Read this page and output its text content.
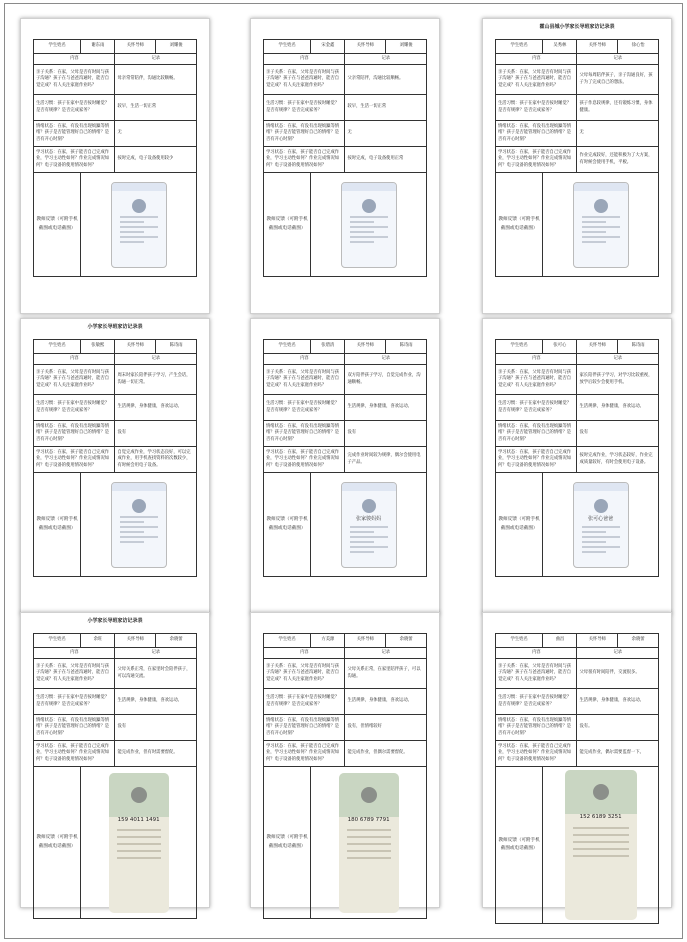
学生姓名	谢东雨	关怀导师	刘耀俊
内容		记录	
亲子关系：在家，父母是否有时间与孩子沟通？孩子在与爸爸沟通时，能否自觉完成？有人关注家庭作业吗？		母亲常常陪伴，沟通比较顺畅。	
生活习惯：孩子在家中是否按时睡觉？是否有规律？是否完成家务？		较早，生活一切正常	
情绪状态：在家，有没有出现烦躁等情绪？孩子是否能管理好自己的情绪？是否有开心时刻？		无	
学习状态：在家，孩子能否自己完成作业，学习主动性如何？作业完成情况如何？电子设备的使用情况如何？		按时完成，电子设备使用较少	
教师反馈（可附手机截图或电话截图）			
学生姓名	宋金鑫	关怀导师	刘耀俊
内容		记录	
亲子关系：在家，父母是否有时间与孩子沟通？孩子在与爸爸沟通时，能否自觉完成？有人关注家庭作业吗？		父亲常陪伴，沟通比较顺畅。	
生活习惯：孩子在家中是否按时睡觉？是否有规律？是否完成家务？		较早，生活一切正常	
情绪状态：在家，有没有出现烦躁等情绪？孩子是否能管理好自己的情绪？是否有开心时刻？		无	
学习状态：在家，孩子能否自己完成作业，学习主动性如何？作业完成情况如何？电子设备的使用情况如何？		按时完成，电子设备使用正常	
教师反馈（可附手机截图或电话截图）			
霍山县城小学家长导班家访记录表
学生姓名	吴秀林	关怀导师	徐心怡
内容		记录	
亲子关系：在家，父母是否有时间与孩子沟通？孩子在与爸爸沟通时，能否自觉完成？有人关注家庭作业吗？		父母每周陪伴孩子，亲子沟通良好，孩子为了完成自己的想法。	
生活习惯：孩子在家中是否按时睡觉？是否有规律？是否完成家务？		孩子作息较规律，还有锻炼习惯，身体健康。	
情绪状态：在家，有没有出现烦躁等情绪？孩子是否能管理好自己的情绪？是否有开心时刻？		无	
学习状态：在家，孩子能否自己完成作业，学习主动性如何？作业完成情况如何？电子设备的使用情况如何？		作业完成较好，还能积极为了大方案，有时候会使用手机，平板。	
教师反馈（可附手机截图或电话截图）			
小学家长导班家访记录表
学生姓名	张敏熙	关怀导师	陈诗雨
内容		记录	
亲子关系：在家，父母是否有时间与孩子沟通？孩子在与爸爸沟通时，能否自觉完成？有人关注家庭作业吗？		周末时家长陪伴孩子学习，产生会话，沟通一切正常。	
生活习惯：孩子在家中是否按时睡觉？是否有规律？是否完成家务？		生活规律，身体健康，喜欢运动。	
情绪状态：在家，有没有出现烦躁等情绪？孩子是否能管理好自己的情绪？是否有开心时刻？		没有	
学习状态：在家，孩子能否自己完成作业，学习主动性如何？作业完成情况如何？电子设备的使用情况如何？		自觉完成作业，学习状态良好，可以完成作业，用手机查找资料的次数较少，有时候会用电子设备。	
教师反馈（可附手机截图或电话截图）			
学生姓名	张碧清	关怀导师	陈诗雨
内容		记录	
亲子关系：在家，父母是否有时间与孩子沟通？孩子在与爸爸沟通时，能否自觉完成？有人关注家庭作业吗？		双方陪伴孩子学习，自觉完成作业，沟通顺畅。	
生活习惯：孩子在家中是否按时睡觉？是否有规律？是否完成家务？		生活规律，身体健康，喜欢运动。	
情绪状态：在家，有没有出现烦躁等情绪？孩子是否能管理好自己的情绪？是否有开心时刻？		没有	
学习状态：在家，孩子能否自己完成作业，学习主动性如何？作业完成情况如何？电子设备的使用情况如何？		完成作业时间较为规律，偶尔会使用电子产品。	
教师反馈（可附手机截图或电话截图）	张家骏妈妈		
学生姓名	张可心	关怀导师	陈诗雨
内容		记录	
亲子关系：在家，父母是否有时间与孩子沟通？孩子在与爸爸沟通时，能否自觉完成？有人关注家庭作业吗？		家长陪伴孩子学习，对学习比较重视，放学后较少会使用手机。	
生活习惯：孩子在家中是否按时睡觉？是否有规律？是否完成家务？		生活规律，身体健康，喜欢运动。	
情绪状态：在家，有没有出现烦躁等情绪？孩子是否能管理好自己的情绪？是否有开心时刻？		没有	
学习状态：在家，孩子能否自己完成作业，学习主动性如何？作业完成情况如何？电子设备的使用情况如何？		按时完成作业，学习状态较好，作业完成质量较好，有时会使用电子设备。	
教师反馈（可附手机截图或电话截图）	张可心爸爸		
小学家长导班家访记录表
学生姓名	余旺	关怀导师	余晓蕾
内容		记录	
亲子关系：在家，父母是否有时间与孩子沟通？孩子在与爸爸沟通时，能否自觉完成？有人关注家庭作业吗？		父母关系正常，在家里时会陪伴孩子，可以沟通交流。	
生活习惯：孩子在家中是否按时睡觉？是否有规律？是否完成家务？		生活规律，身体健康，喜欢运动。	
情绪状态：在家，有没有出现烦躁等情绪？孩子是否能管理好自己的情绪？是否有开心时刻？		没有	
学习状态：在家，孩子能否自己完成作业，学习主动性如何？作业完成情况如何？电子设备的使用情况如何？		能完成作业，但有时需要督促。	
教师反馈（可附手机截图或电话截图）	159 4011 1491		
学生姓名	方美源	关怀导师	余晓蕾
内容		记录	
亲子关系：在家，父母是否有时间与孩子沟通？孩子在与爸爸沟通时，能否自觉完成？有人关注家庭作业吗？		父母关系正常，在家里陪伴孩子，可以沟通。	
生活习惯：孩子在家中是否按时睡觉？是否有规律？是否完成家务？		生活规律，身体健康，喜欢运动。	
情绪状态：在家，有没有出现烦躁等情绪？孩子是否能管理好自己的情绪？是否有开心时刻？		没有，但情绪较好	
学习状态：在家，孩子能否自己完成作业，学习主动性如何？作业完成情况如何？电子设备的使用情况如何？		能完成作业，但偶尔需要督促。	
教师反馈（可附手机截图或电话截图）	180 6789 7791		
学生姓名	曲昌	关怀导师	余晓蕾
内容		记录	
亲子关系：在家，父母是否有时间与孩子沟通？孩子在与爸爸沟通时，能否自觉完成？有人关注家庭作业吗？		父母很有时间陪伴，交流很多。	
生活习惯：孩子在家中是否按时睡觉？是否有规律？是否完成家务？		生活规律，身体健康，喜欢运动。	
情绪状态：在家，有没有出现烦躁等情绪？孩子是否能管理好自己的情绪？是否有开心时刻？		没有。	
学习状态：在家，孩子能否自己完成作业，学习主动性如何？作业完成情况如何？电子设备的使用情况如何？		能完成作业，偶尔需要监督一下。	
教师反馈（可附手机截图或电话截图）	152 6189 3251		
